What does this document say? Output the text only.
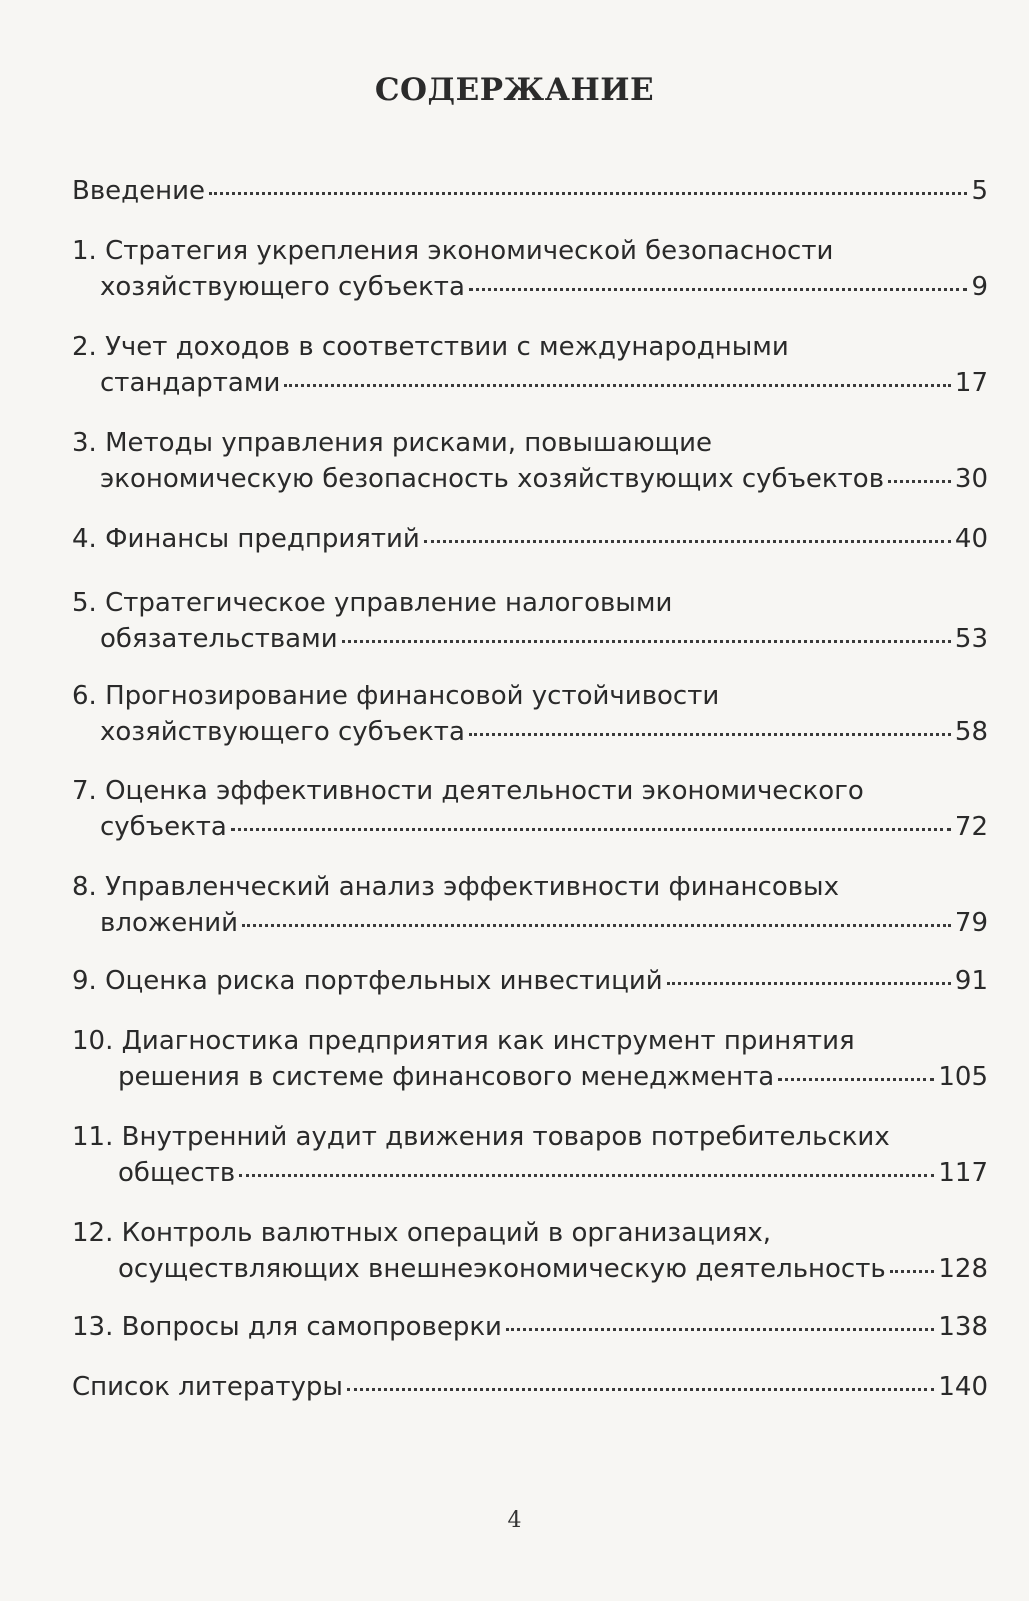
СОДЕРЖАНИЕ
Введение	5
1. Стратегия укрепления экономической безопасности
хозяйствующего субъекта	9
2. Учет доходов в соответствии с международными
стандартами	17
3. Методы управления рисками, повышающие
экономическую безопасность хозяйствующих субъектов	30
4. Финансы предприятий	40
5. Стратегическое управление налоговыми
обязательствами	53
6. Прогнозирование финансовой устойчивости
хозяйствующего субъекта	58
7. Оценка эффективности деятельности экономического
субъекта	72
8. Управленческий анализ эффективности финансовых
вложений	79
9. Оценка риска портфельных инвестиций	91
10. Диагностика предприятия как инструмент принятия
решения в системе финансового менеджмента	105
11. Внутренний аудит движения товаров потребительских
обществ	117
12. Контроль валютных операций в организациях,
осуществляющих внешнеэкономическую деятельность 128
13. Вопросы для самопроверки	138
Список литературы	140
4
